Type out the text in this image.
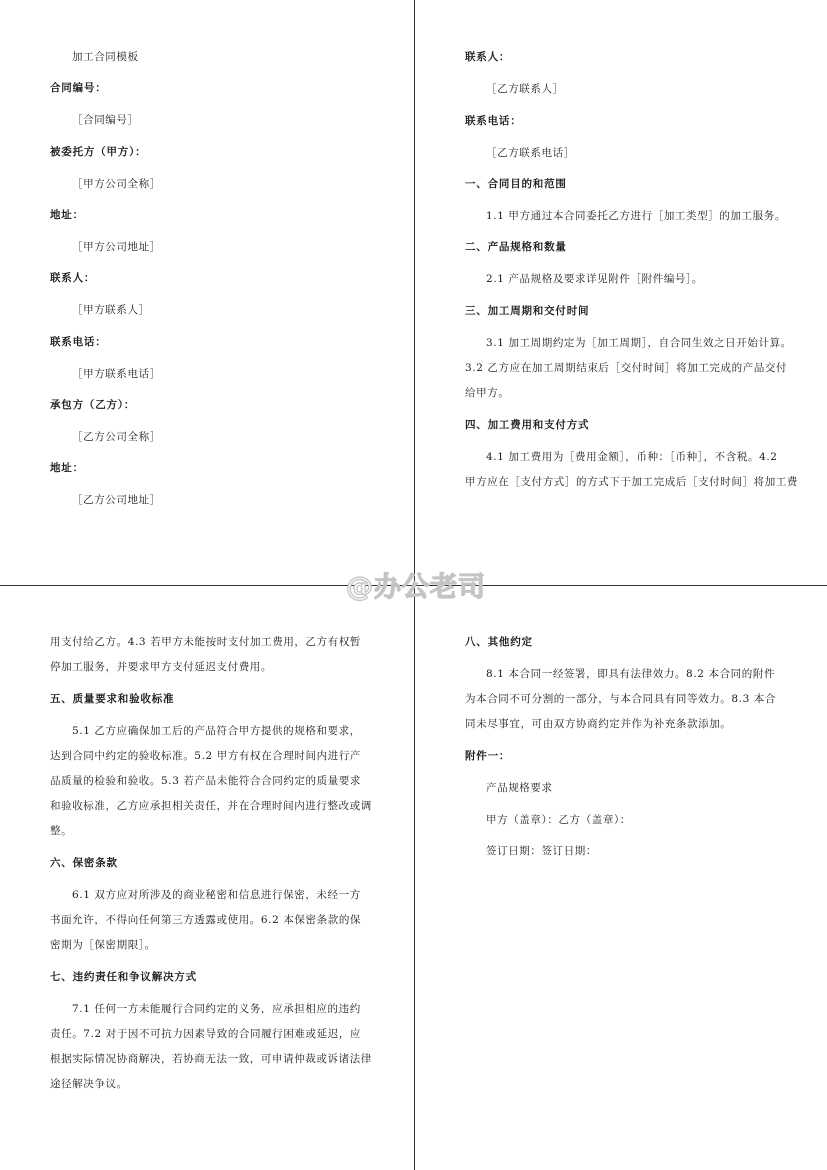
加工合同模板
合同编号：
［合同编号］
被委托方（甲方）：
［甲方公司全称］
地址：
［甲方公司地址］
联系人：
［甲方联系人］
联系电话：
［甲方联系电话］
承包方（乙方）：
［乙方公司全称］
地址：
［乙方公司地址］
联系人：
［乙方联系人］
联系电话：
［乙方联系电话］
一、合同目的和范围
1.1 甲方通过本合同委托乙方进行［加工类型］的加工服务。
二、产品规格和数量
2.1 产品规格及要求详见附件［附件编号］。
三、加工周期和交付时间
3.1 加工周期约定为［加工周期］，自合同生效之日开始计算。
3.2 乙方应在加工周期结束后［交付时间］将加工完成的产品交付
给甲方。
四、加工费用和支付方式
4.1 加工费用为［费用金额］，币种：［币种］，不含税。4.2
甲方应在［支付方式］的方式下于加工完成后［支付时间］将加工费
用支付给乙方。4.3 若甲方未能按时支付加工费用，乙方有权暂
停加工服务，并要求甲方支付延迟支付费用。
五、质量要求和验收标准
5.1 乙方应确保加工后的产品符合甲方提供的规格和要求，
达到合同中约定的验收标准。5.2 甲方有权在合理时间内进行产
品质量的检验和验收。5.3 若产品未能符合合同约定的质量要求
和验收标准，乙方应承担相关责任，并在合理时间内进行整改或调
整。
六、保密条款
6.1 双方应对所涉及的商业秘密和信息进行保密，未经一方
书面允许，不得向任何第三方透露或使用。6.2 本保密条款的保
密期为［保密期限］。
七、违约责任和争议解决方式
7.1 任何一方未能履行合同约定的义务，应承担相应的违约
责任。7.2 对于因不可抗力因素导致的合同履行困难或延迟，应
根据实际情况协商解决，若协商无法一致，可申请仲裁或诉诸法律
途径解决争议。
八、其他约定
8.1 本合同一经签署，即具有法律效力。8.2 本合同的附件
为本合同不可分割的一部分，与本合同具有同等效力。8.3 本合
同未尽事宜，可由双方协商约定并作为补充条款添加。
附件一：
产品规格要求
甲方（盖章）：乙方（盖章）：
签订日期：签订日期：
@办公老司
